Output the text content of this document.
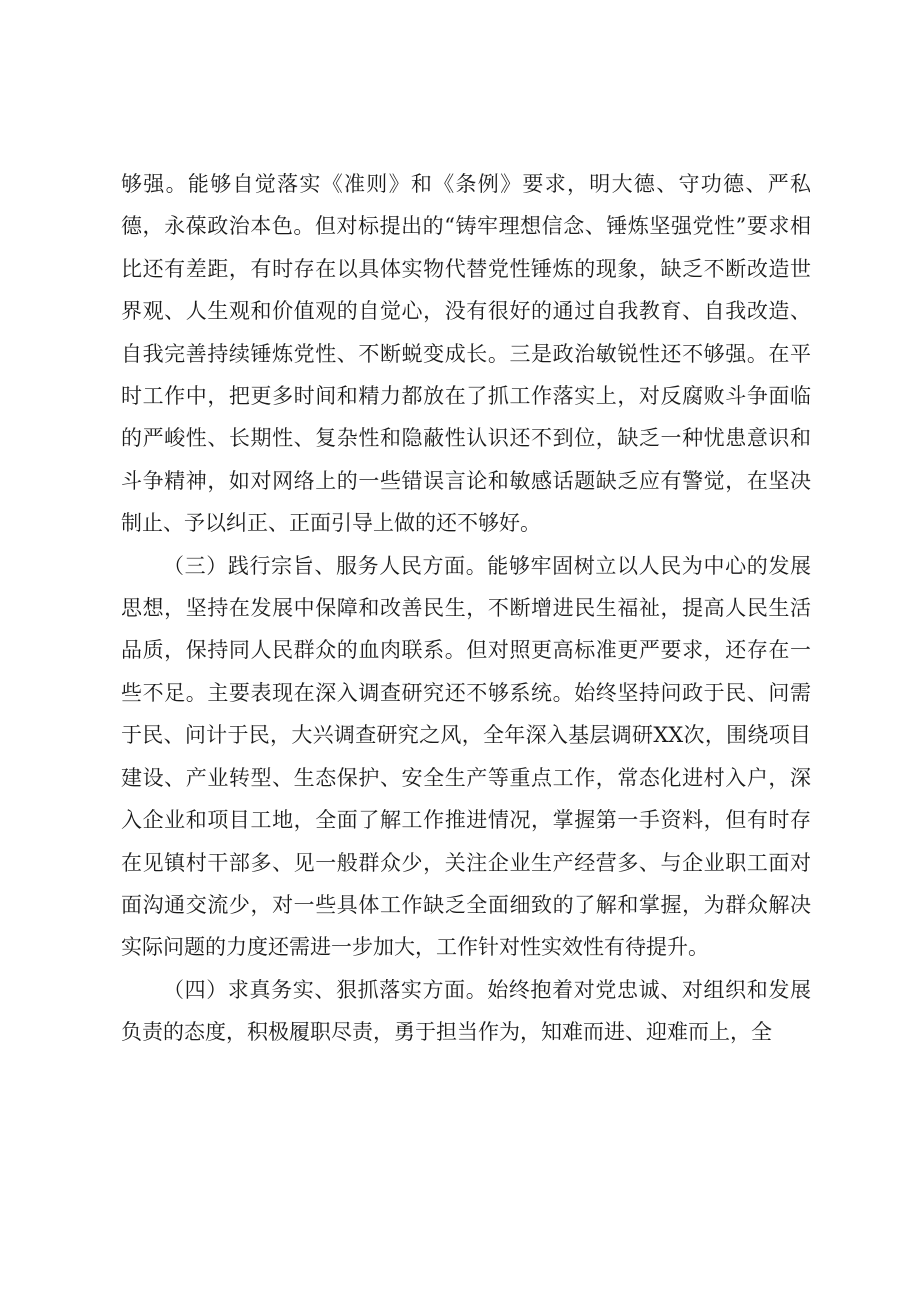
够强。能够自觉落实《准则》和《条例》要求，明大德、守功德、严私德，永葆政治本色。但对标提出的“铸牢理想信念、锤炼坚强党性”要求相比还有差距，有时存在以具体实物代替党性锤炼的现象，缺乏不断改造世界观、人生观和价值观的自觉心，没有很好的通过自我教育、自我改造、自我完善持续锤炼党性、不断蜕变成长。三是政治敏锐性还不够强。在平时工作中，把更多时间和精力都放在了抓工作落实上，对反腐败斗争面临的严峻性、长期性、复杂性和隐蔽性认识还不到位，缺乏一种忧患意识和斗争精神，如对网络上的一些错误言论和敏感话题缺乏应有警觉，在坚决制止、予以纠正、正面引导上做的还不够好。

（三）践行宗旨、服务人民方面。能够牢固树立以人民为中心的发展思想，坚持在发展中保障和改善民生，不断增进民生福祉，提高人民生活品质，保持同人民群众的血肉联系。但对照更高标准更严要求，还存在一些不足。主要表现在深入调查研究还不够系统。始终坚持问政于民、问需于民、问计于民，大兴调查研究之风，全年深入基层调研XX次，围绕项目建设、产业转型、生态保护、安全生产等重点工作，常态化进村入户，深入企业和项目工地，全面了解工作推进情况，掌握第一手资料，但有时存在见镇村干部多、见一般群众少，关注企业生产经营多、与企业职工面对面沟通交流少，对一些具体工作缺乏全面细致的了解和掌握，为群众解决实际问题的力度还需进一步加大，工作针对性实效性有待提升。

（四）求真务实、狠抓落实方面。始终抱着对党忠诚、对组织和发展负责的态度，积极履职尽责，勇于担当作为，知难而进、迎难而上，全
